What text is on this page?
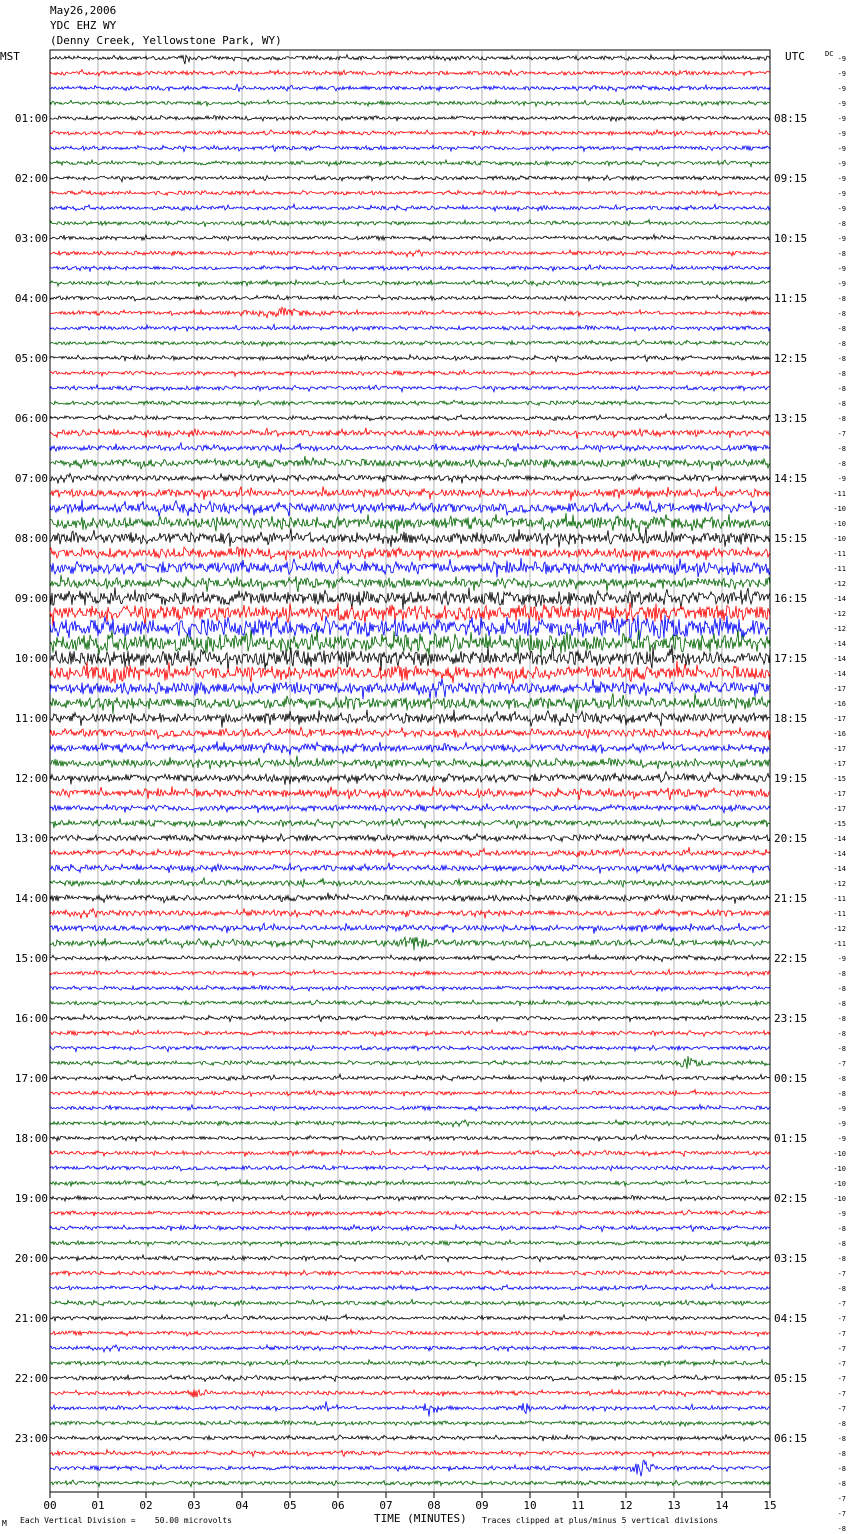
May26,2006
YDC EHZ WY
(Denny Creek, Yellowstone Park, WY)
MST	UTC	DC
-9
-9
-9
-9
-9
-9
-9
-9
-9
-9
-9
-8
-9
-8
-9
-9
-8
-8
-8
-8
-8
-8
-8
-8
-8
-7
-8
-8
-9
-11
-10
-10
-10
-11
-11
-12
-14
-12
-12
-14
-14
-14
-17
-16
-17
-16
-17
-17
-15
-17
-17
-15
-14
-14
-14
-12
-11
-11
-12
-11
-9
-8
-8
-8
-8
-8
-8
-7
-8
-8
-9
-9
-9
-10
-10
-10
-10
-9
-8
-8
-8
-7
-8
-7
-7
-7
-7
-7
-7
-7
-7
-8
-8
-8
-8
-8
-7
-7
-8
01:00	08:15
02:00	09:15
03:00	10:15
04:00	11:15
05:00	12:15
06:00	13:15
07:00	14:15
08:00	15:15
09:00	16:15
10:00	17:15
11:00	18:15
12:00	19:15
13:00	20:15
14:00	21:15
15:00	22:15
16:00	23:15
17:00	00:15
18:00	01:15
19:00	02:15
20:00	03:15
21:00	04:15
22:00	05:15
23:00	06:15
00	01	02	03	04	05	06	07	08	09	10	11	12	13	14	15
M Each Vertical Division =    50.00 microvolts	TIME (MINUTES) Traces clipped at plus/minus 5 vertical divisions
